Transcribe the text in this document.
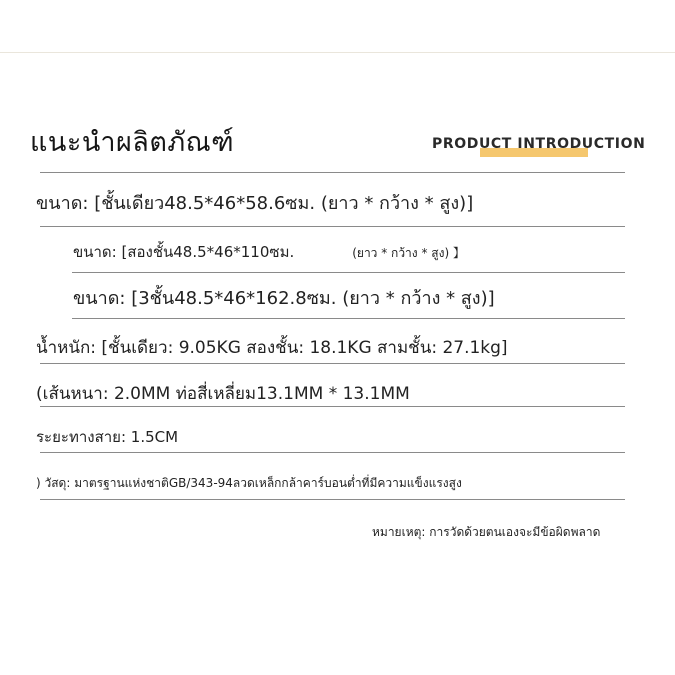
แนะนำผลิตภัณฑ์	PRODUCT INTRODUCTION
ขนาด: [ชั้นเดียว48.5*46*58.6ซม. (ยาว * กว้าง * สูง)]
ขนาด: [สองชั้น48.5*46*110ซม.	(ยาว * กว้าง * สูง) 】
ขนาด: [3ชั้น48.5*46*162.8ซม. (ยาว * กว้าง * สูง)]
น้ำหนัก: [ชั้นเดียว: 9.05KG สองชั้น: 18.1KG สามชั้น: 27.1kg]
(เส้นหนา: 2.0MM ท่อสี่เหลี่ยม13.1MM * 13.1MM
ระยะทางสาย: 1.5CM
) วัสดุ: มาตรฐานแห่งชาติGB/343-94ลวดเหล็กกล้าคาร์บอนต่ำที่มีความแข็งแรงสูง
หมายเหตุ: การวัดด้วยตนเองจะมีข้อผิดพลาด
